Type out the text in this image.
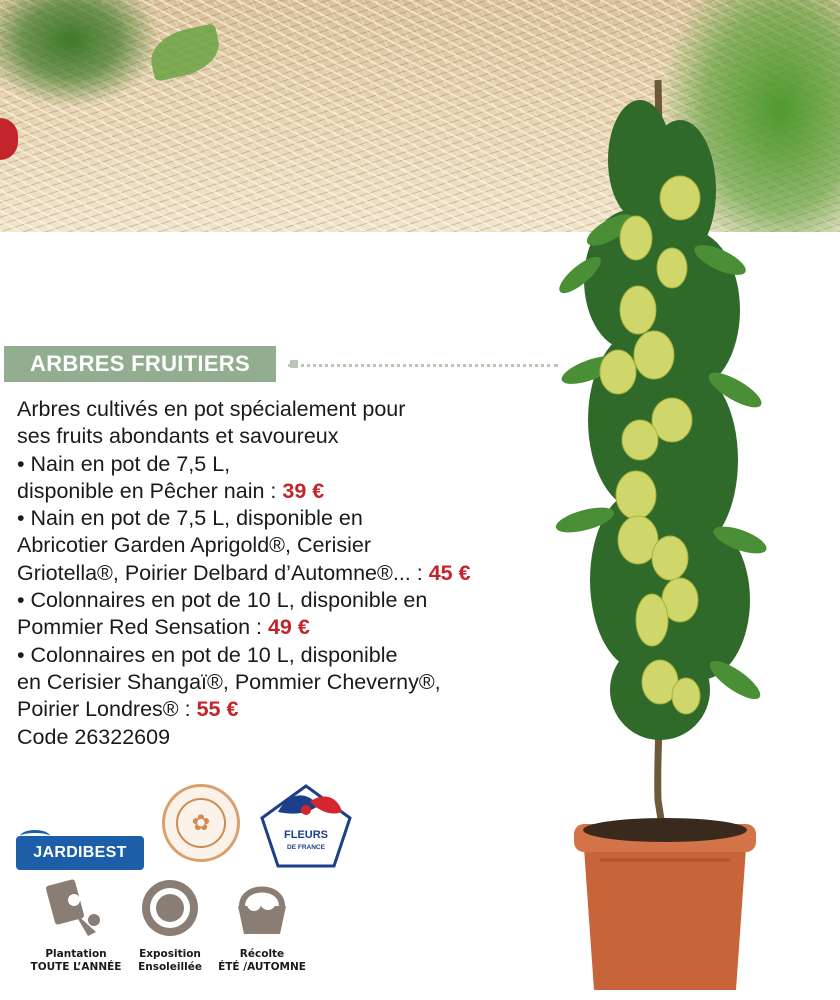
ARBRES FRUITIERS

Arbres cultivés en pot spécialement pour

ses fruits abondants et savoureux

• Nain en pot de 7,5 L,

disponible en Pêcher nain : 39 €

• Nain en pot de 7,5 L, disponible en

Abricotier Garden Aprigold®, Cerisier

Griotella®, Poirier Delbard d’Automne®... : 45 €

• Colonnaires en pot de 10 L, disponible en

Pommier Red Sensation : 49 €

• Colonnaires en pot de 10 L, disponible

en Cerisier Shangaï®, Pommier Cheverny®,

Poirier Londres® : 55 €

Code 26322609

JARDIBEST
✿	FLEURS
DE FRANCE
Plantation
TOUTE L’ANNÉE
Exposition
Ensoleillée
Récolte
ÉTÉ /AUTOMNE
